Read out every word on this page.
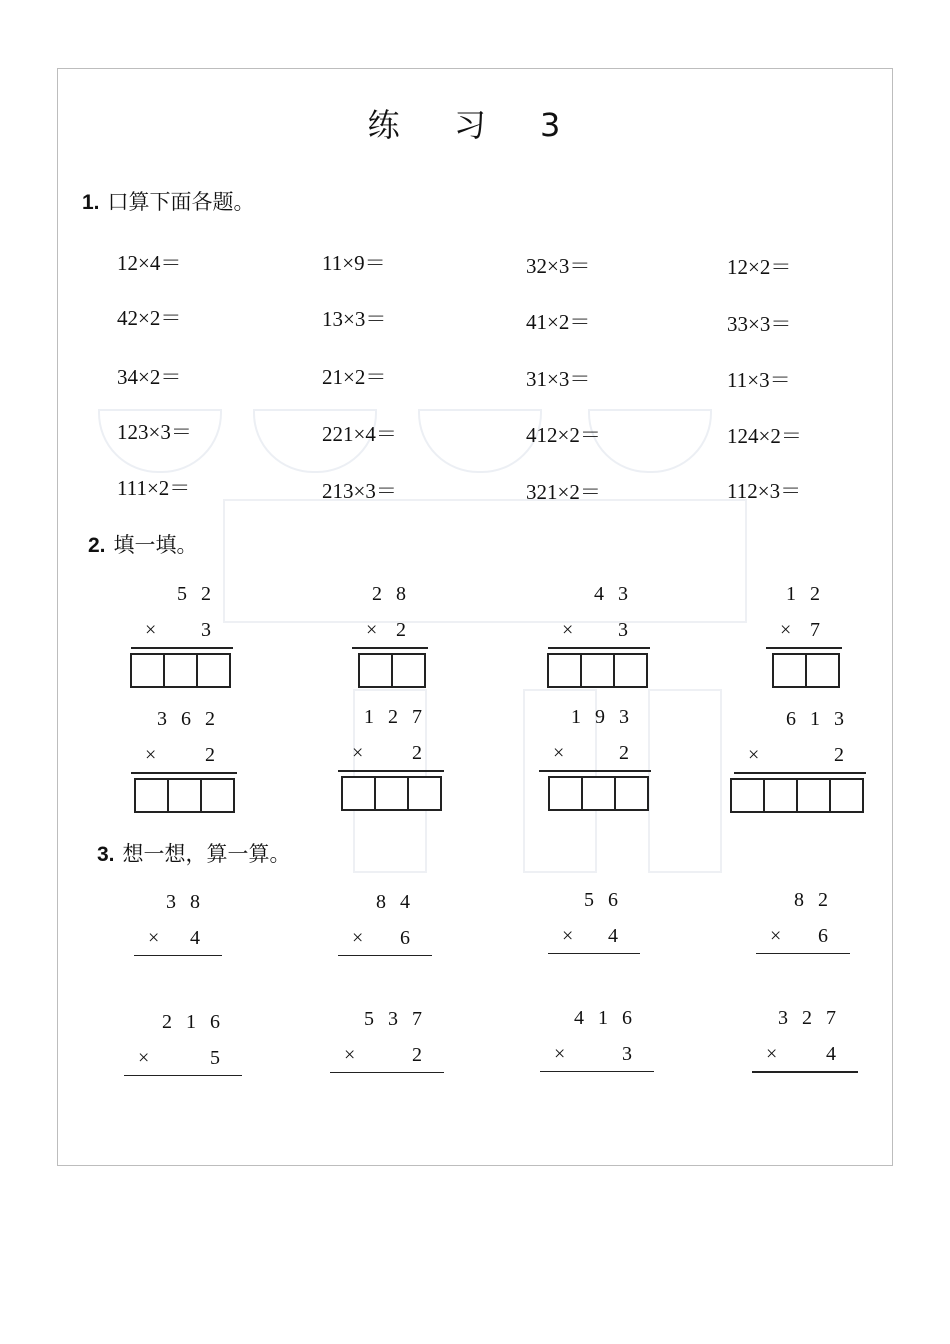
练 习 3
1. 口算下面各题。
12×4＝	11×9＝	32×3＝	12×2＝
42×2＝	13×3＝	41×2＝	33×3＝
34×2＝	21×2＝	31×3＝	11×3＝
123×3＝	221×4＝	412×2＝	124×2＝
111×2＝	213×3＝	321×2＝	112×3＝
2. 填一填。
52
× 3
28
× 2
43
× 3
12
× 7
362
× 2
127
× 2
193
×	2
613
×	2
3. 想一想，算一算。
38
× 4
84
× 6
56
× 4
82
× 6
216
×	5
537
×	2
416
×	3
327
× 4
